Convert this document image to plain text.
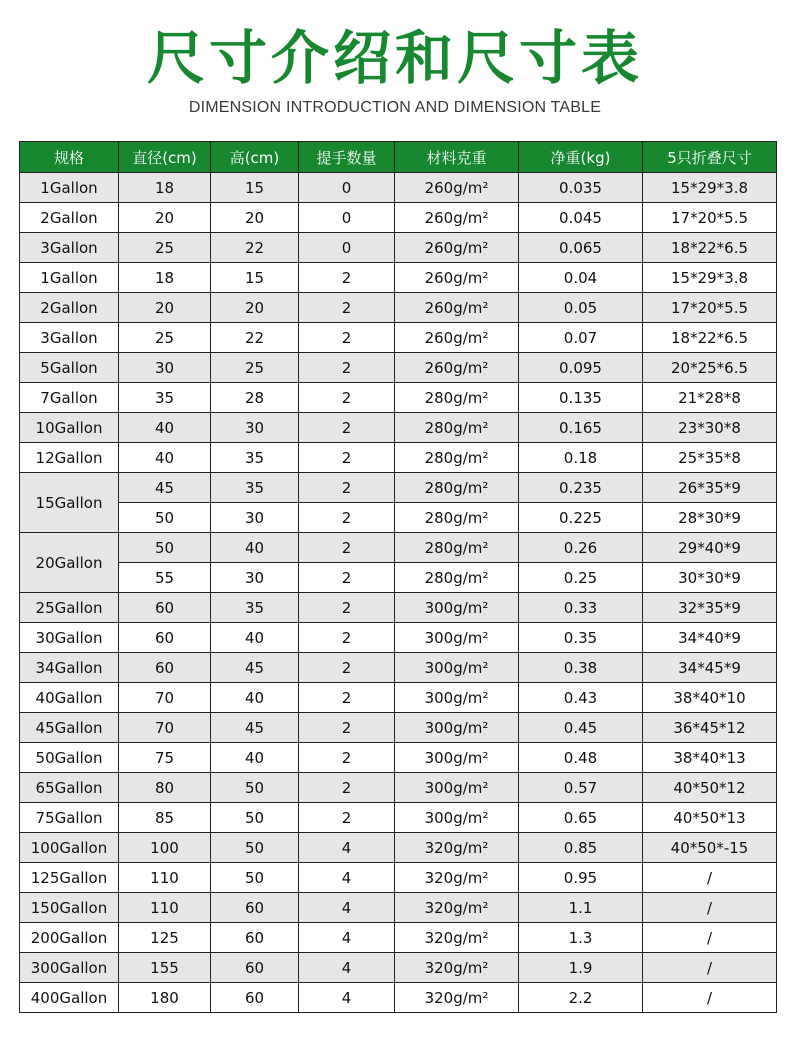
尺寸介绍和尺寸表
DIMENSION INTRODUCTION AND DIMENSION TABLE
规格	直径(cm)	高(cm)	提手数量	材料克重	净重(kg)	5只折叠尺寸
1Gallon	18	15	0	260g/m²	0.035	15*29*3.8
2Gallon	20	20	0	260g/m²	0.045	17*20*5.5
3Gallon	25	22	0	260g/m²	0.065	18*22*6.5
1Gallon	18	15	2	260g/m²	0.04	15*29*3.8
2Gallon	20	20	2	260g/m²	0.05	17*20*5.5
3Gallon	25	22	2	260g/m²	0.07	18*22*6.5
5Gallon	30	25	2	260g/m²	0.095	20*25*6.5
7Gallon	35	28	2	280g/m²	0.135	21*28*8
10Gallon	40	30	2	280g/m²	0.165	23*30*8
12Gallon	40	35	2	280g/m²	0.18	25*35*8
15Gallon	45	35	2	280g/m²	0.235	26*35*9
	50	30	2	280g/m²	0.225	28*30*9
20Gallon	50	40	2	280g/m²	0.26	29*40*9
	55	30	2	280g/m²	0.25	30*30*9
25Gallon	60	35	2	300g/m²	0.33	32*35*9
30Gallon	60	40	2	300g/m²	0.35	34*40*9
34Gallon	60	45	2	300g/m²	0.38	34*45*9
40Gallon	70	40	2	300g/m²	0.43	38*40*10
45Gallon	70	45	2	300g/m²	0.45	36*45*12
50Gallon	75	40	2	300g/m²	0.48	38*40*13
65Gallon	80	50	2	300g/m²	0.57	40*50*12
75Gallon	85	50	2	300g/m²	0.65	40*50*13
100Gallon	100	50	4	320g/m²	0.85	40*50*-15
125Gallon	110	50	4	320g/m²	0.95	/
150Gallon	110	60	4	320g/m²	1.1	/
200Gallon	125	60	4	320g/m²	1.3	/
300Gallon	155	60	4	320g/m²	1.9	/
400Gallon	180	60	4	320g/m²	2.2	/
